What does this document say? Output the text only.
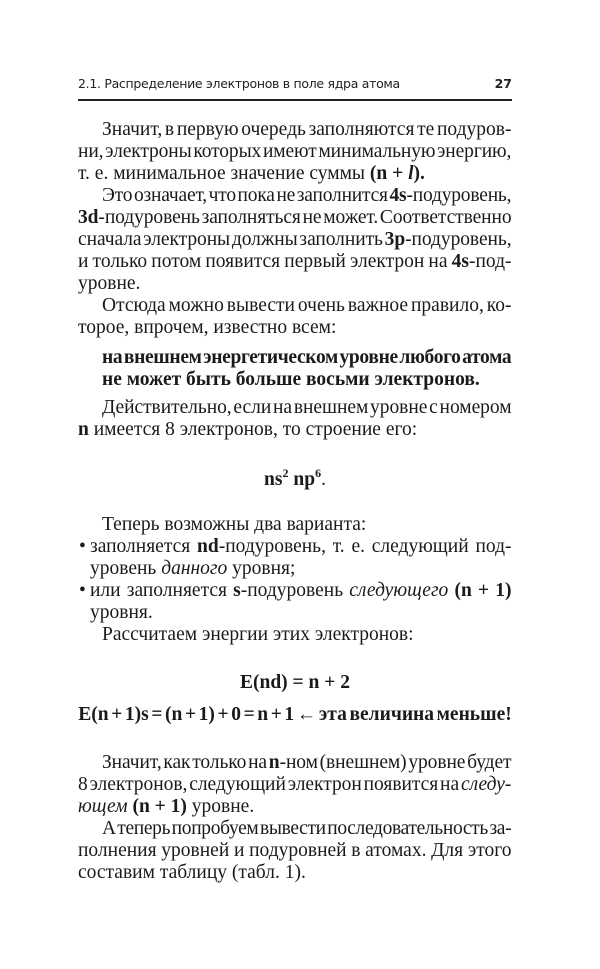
2.1. Распределение электронов в поле ядра атома	27
Значит, в первую очередь заполняются те подуров-
ни, электроны которых имеют минимальную энергию,
т. е. минимальное значение суммы (n + l).
Это означает, что пока не заполнится 4s-подуровень,
3d-подуровень заполняться не может. Соответственно
сначала электроны должны заполнить 3p-подуровень,
и только потом появится первый электрон на 4s-под-
уровне.
Отсюда можно вывести очень важное правило, ко-
торое, впрочем, известно всем:
на внешнем энергетическом уровне любого атома
не может быть больше восьми электронов.
Действительно, если на внешнем уровне с номером
n имеется 8 электронов, то строение его:
$ns^2$ $np^6$.
Теперь возможны два варианта:
• заполняется nd-подуровень, т. е. следующий под-
уровень данного уровня;
• или заполняется s-подуровень следующего (n + 1)
уровня.
Рассчитаем энергии этих электронов:
E(nd) = n + 2
E(n + 1)s = (n + 1) + 0 = n + 1 ← эта величина меньше!
Значит, как только на n-ном (внешнем) уровне будет
8 электронов, следующий электрон появится на следу-
ющем (n + 1) уровне.
А теперь попробуем вывести последовательность за-
полнения уровней и подуровней в атомах. Для этого
составим таблицу (табл. 1).
